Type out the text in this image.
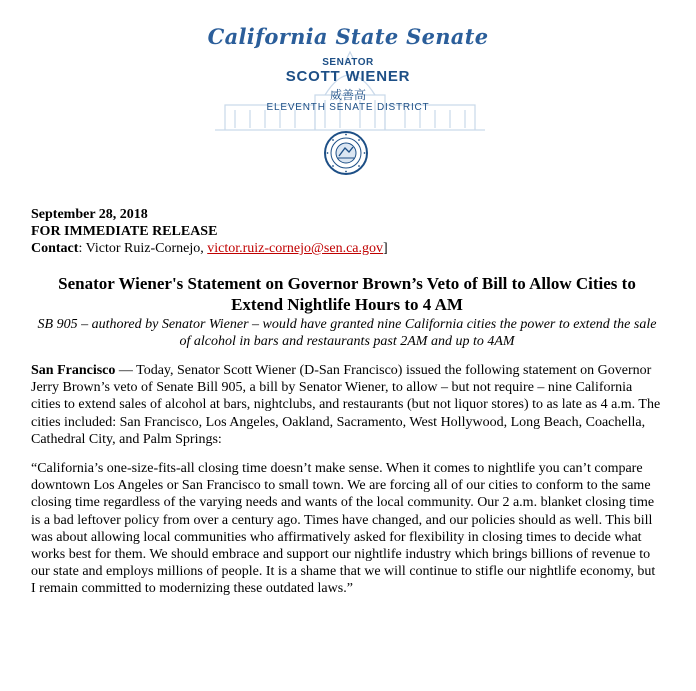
California State Senate
SENATOR
SCOTT WIENER
威善高
ELEVENTH SENATE DISTRICT
September 28, 2018
FOR IMMEDIATE RELEASE
Contact: Victor Ruiz-Cornejo, victor.ruiz-cornejo@sen.ca.gov]
Senator Wiener's Statement on Governor Brown’s Veto of Bill to Allow Cities to Extend Nightlife Hours to 4 AM
SB 905 – authored by Senator Wiener – would have granted nine California cities the power to extend the sale of alcohol in bars and restaurants past 2AM and up to 4AM
San Francisco — Today, Senator Scott Wiener (D-San Francisco) issued the following statement on Governor Jerry Brown’s veto of Senate Bill 905, a bill by Senator Wiener, to allow – but not require – nine California cities to extend sales of alcohol at bars, nightclubs, and restaurants (but not liquor stores) to as late as 4 a.m. The cities included: San Francisco, Los Angeles, Oakland, Sacramento, West Hollywood, Long Beach, Coachella, Cathedral City, and Palm Springs:
“California’s one-size-fits-all closing time doesn’t make sense. When it comes to nightlife you can’t compare downtown Los Angeles or San Francisco to small town. We are forcing all of our cities to conform to the same closing time regardless of the varying needs and wants of the local community. Our 2 a.m. blanket closing time is a bad leftover policy from over a century ago. Times have changed, and our policies should as well. This bill was about allowing local communities who affirmatively asked for flexibility in closing times to decide what works best for them. We should embrace and support our nightlife industry which brings billions of revenue to our state and employs millions of people. It is a shame that we will continue to stifle our nightlife economy, but I remain committed to modernizing these outdated laws.”
